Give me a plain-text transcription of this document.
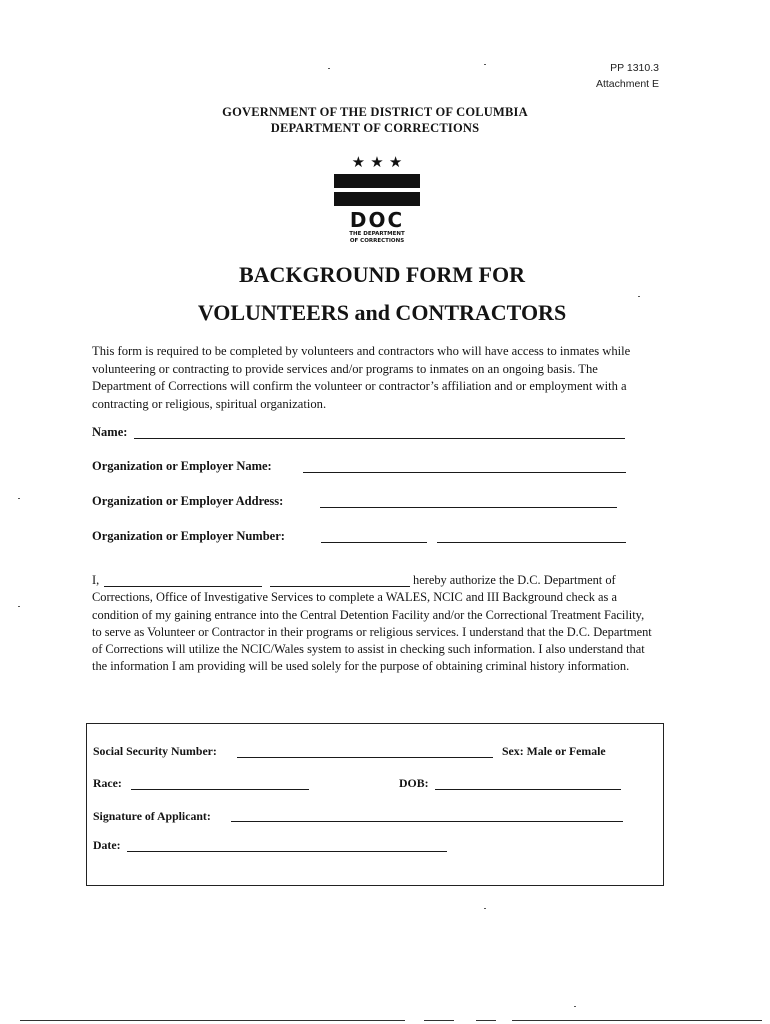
PP 1310.3
Attachment E
GOVERNMENT OF THE DISTRICT OF COLUMBIA
DEPARTMENT OF CORRECTIONS
★ ★ ★
DOC
THE DEPARTMENT
OF CORRECTIONS
BACKGROUND FORM FOR
VOLUNTEERS and CONTRACTORS
This form is required to be completed by volunteers and contractors who will have access to inmates while volunteering or contracting to provide services and/or programs to inmates on an ongoing basis. The Department of Corrections will confirm the volunteer or contractor’s affiliation and or employment with a contracting or religious, spiritual organization.
Name:
Organization or Employer Name:
Organization or Employer Address:
Organization or Employer Number:
I,	hereby authorize the D.C. Department of
Corrections, Office of Investigative Services to complete a WALES, NCIC and III Background check as a condition of my gaining entrance into the Central Detention Facility and/or the Correctional Treatment Facility, to serve as Volunteer or Contractor in their programs or religious services. I understand that the D.C. Department of Corrections will utilize the NCIC/Wales system to assist in checking such information. I also understand that the information I am providing will be used solely for the purpose of obtaining criminal history information.
Social Security Number:	Sex: Male or Female
Race:	DOB:
Signature of Applicant:
Date:
